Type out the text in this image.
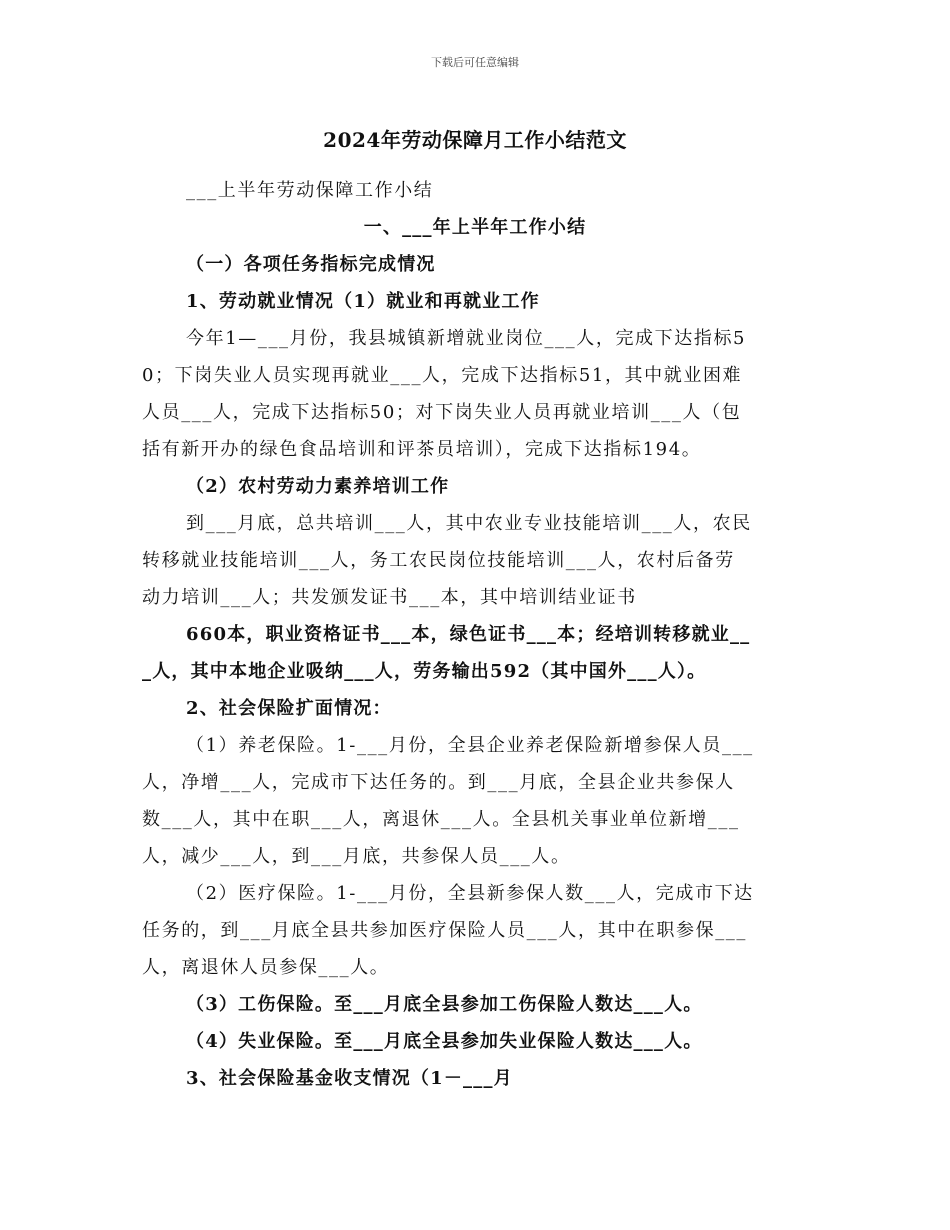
下载后可任意编辑
2024年劳动保障月工作小结范文
___上半年劳动保障工作小结
一、___年上半年工作小结
（一）各项任务指标完成情况
1、劳动就业情况（1）就业和再就业工作
今年1—___月份，我县城镇新增就业岗位___人，完成下达指标5
0；下岗失业人员实现再就业___人，完成下达指标51，其中就业困难
人员___人，完成下达指标50；对下岗失业人员再就业培训___人（包
括有新开办的绿色食品培训和评茶员培训），完成下达指标194。
（2）农村劳动力素养培训工作
到___月底，总共培训___人，其中农业专业技能培训___人，农民
转移就业技能培训___人，务工农民岗位技能培训___人，农村后备劳
动力培训___人；共发颁发证书___本，其中培训结业证书
660本，职业资格证书___本，绿色证书___本；经培训转移就业__
_人，其中本地企业吸纳___人，劳务输出592（其中国外___人）。
2、社会保险扩面情况：
（1）养老保险。1-___月份，全县企业养老保险新增参保人员___
人，净增___人，完成市下达任务的。到___月底，全县企业共参保人
数___人，其中在职___人，离退休___人。全县机关事业单位新增___
人，减少___人，到___月底，共参保人员___人。
（2）医疗保险。1-___月份，全县新参保人数___人，完成市下达
任务的，到___月底全县共参加医疗保险人员___人，其中在职参保___
人，离退休人员参保___人。
（3）工伤保险。至___月底全县参加工伤保险人数达___人。
（4）失业保险。至___月底全县参加失业保险人数达___人。
3、社会保险基金收支情况（1－___月
